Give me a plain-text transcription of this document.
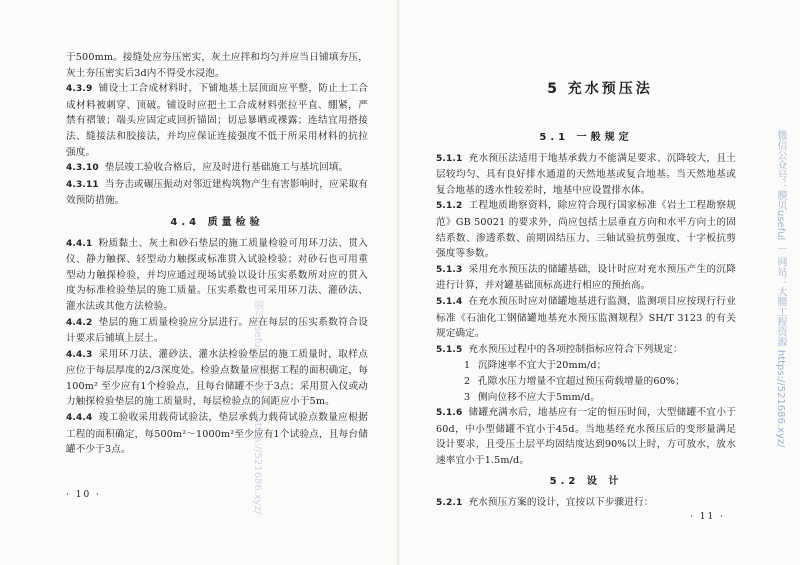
于500mm。接缝处应夯压密实，灰土应拌和均匀并应当日铺填夯压，灰土夯压密实后3d内不得受水浸泡。

4.3.9 铺设土工合成材料时，下铺地基土层顶面应平整，防止土工合成材料被刺穿、顶破。铺设时应把土工合成材料张拉平直、绷紧，严禁有褶皱；端头应固定或回折锚固；切忌暴晒或裸露；连结宜用搭接法、缝接法和胶接法，并均应保证连接强度不低于所采用材料的抗拉强度。

4.3.10 垫层竣工验收合格后，应及时进行基础施工与基坑回填。

4.3.11 当夯击或碾压振动对邻近建构筑物产生有害影响时，应采取有效预防措施。

4.4 质量检验

4.4.1 粉质黏土、灰土和砂石垫层的施工质量检验可用环刀法、贯入仪、静力触探、轻型动力触探或标准贯入试验检验；对砂石也可用重型动力触探检验，并均应通过现场试验以设计压实系数所对应的贯入度为标准检验垫层的施工质量。压实系数也可采用环刀法、灌砂法、灌水法或其他方法检验。

4.4.2 垫层的施工质量检验应分层进行。应在每层的压实系数符合设计要求后铺填上层土。

4.4.3 采用环刀法、灌砂法、灌水法检验垫层的施工质量时，取样点应位于每层厚度的2/3深度处。检验点数量应根据工程的面积确定，每100m² 至少应有1个检验点，且每台储罐不少于3点；采用贯入仪或动力触探检验垫层的施工质量时，每层检验点的间距应小于5m。

4.4.4 竣工验收采用载荷试验法，垫层承载力载荷试验点数量应根据工程的面积确定，每500m²～1000m²至少应有1个试验点，且每台储罐不少于3点。

· 10 ·
5 充水预压法
5.1 一般规定

5.1.1 充水预压法适用于地基承载力不能满足要求、沉降较大，且土层较均匀、具有良好排水通道的天然地基或复合地基。当天然地基或复合地基的透水性较差时，地基中应设置排水体。

5.1.2 工程地质勘察资料，除应符合现行国家标准《岩土工程勘察规范》GB 50021 的要求外，尚应包括土层垂直方向和水平方向土的固结系数、渗透系数、前期固结压力、三轴试验抗剪强度、十字板抗剪强度等参数。

5.1.3 采用充水预压法的储罐基础，设计时应对充水预压产生的沉降进行计算，并对罐基础顶标高进行相应的预抬高。

5.1.4 在充水预压时应对储罐地基进行监测，监测项目应按现行行业标准《石油化工钢储罐地基充水预压监测规程》SH/T 3123 的有关规定确定。

5.1.5 充水预压过程中的各项控制指标应符合下列规定：

1 沉降速率不宜大于20mm/d；

2 孔隙水压力增量不宜超过预压荷载增量的60%；

3 侧向位移不应大于5mm/d。

5.1.6 储罐充满水后，地基应有一定的恒压时间，大型储罐不宜小于60d，中小型储罐不宜小于45d。当地基经充水预压后的变形量满足设计要求，且受压土层平均固结度达到90%以上时，方可放水，放水速率宜小于1.5m/d。

5.2 设 计

5.2.1 充水预压方案的设计，宜按以下步骤进行：

· 11 ·
微信公众号：膜贝useful ｜ 网站：大膜工程资源 https://521686.xyz/
膜贝useful 大膜工程资源 https://521686.xyz/
